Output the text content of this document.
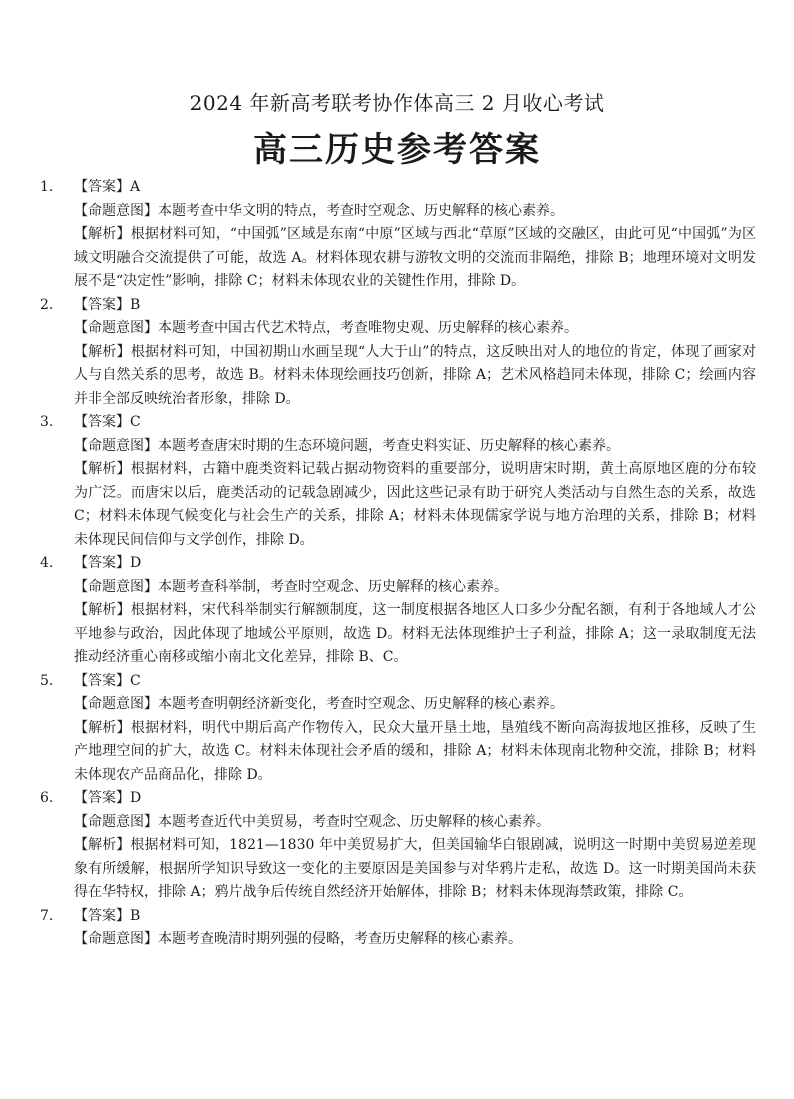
2024 年新高考联考协作体高三 2 月收心考试
高三历史参考答案
1. 【答案】A
【命题意图】本题考查中华文明的特点，考查时空观念、历史解释的核心素养。
【解析】根据材料可知，“中国弧”区域是东南“中原”区域与西北“草原”区域的交融区，由此可见“中国弧”为区域文明融合交流提供了可能，故选 A。材料体现农耕与游牧文明的交流而非隔绝，排除 B；地理环境对文明发展不是“决定性”影响，排除 C；材料未体现农业的关键性作用，排除 D。
2. 【答案】B
【命题意图】本题考查中国古代艺术特点，考查唯物史观、历史解释的核心素养。
【解析】根据材料可知，中国初期山水画呈现“人大于山”的特点，这反映出对人的地位的肯定，体现了画家对人与自然关系的思考，故选 B。材料未体现绘画技巧创新，排除 A；艺术风格趋同未体现，排除 C；绘画内容并非全部反映统治者形象，排除 D。
3. 【答案】C
【命题意图】本题考查唐宋时期的生态环境问题，考查史料实证、历史解释的核心素养。
【解析】根据材料，古籍中鹿类资料记载占据动物资料的重要部分，说明唐宋时期，黄土高原地区鹿的分布较为广泛。而唐宋以后，鹿类活动的记载急剧减少，因此这些记录有助于研究人类活动与自然生态的关系，故选 C；材料未体现气候变化与社会生产的关系，排除 A；材料未体现儒家学说与地方治理的关系，排除 B；材料未体现民间信仰与文学创作，排除 D。
4. 【答案】D
【命题意图】本题考查科举制，考查时空观念、历史解释的核心素养。
【解析】根据材料，宋代科举制实行解额制度，这一制度根据各地区人口多少分配名额，有利于各地域人才公平地参与政治，因此体现了地域公平原则，故选 D。材料无法体现维护士子利益，排除 A；这一录取制度无法推动经济重心南移或缩小南北文化差异，排除 B、C。
5. 【答案】C
【命题意图】本题考查明朝经济新变化，考查时空观念、历史解释的核心素养。
【解析】根据材料，明代中期后高产作物传入，民众大量开垦土地，垦殖线不断向高海拔地区推移，反映了生产地理空间的扩大，故选 C。材料未体现社会矛盾的缓和，排除 A；材料未体现南北物种交流，排除 B；材料未体现农产品商品化，排除 D。
6. 【答案】D
【命题意图】本题考查近代中美贸易，考查时空观念、历史解释的核心素养。
【解析】根据材料可知，1821—1830 年中美贸易扩大，但美国输华白银剧减，说明这一时期中美贸易逆差现象有所缓解，根据所学知识导致这一变化的主要原因是美国参与对华鸦片走私，故选 D。这一时期美国尚未获得在华特权，排除 A；鸦片战争后传统自然经济开始解体，排除 B；材料未体现海禁政策，排除 C。
7. 【答案】B
【命题意图】本题考查晚清时期列强的侵略，考查历史解释的核心素养。
